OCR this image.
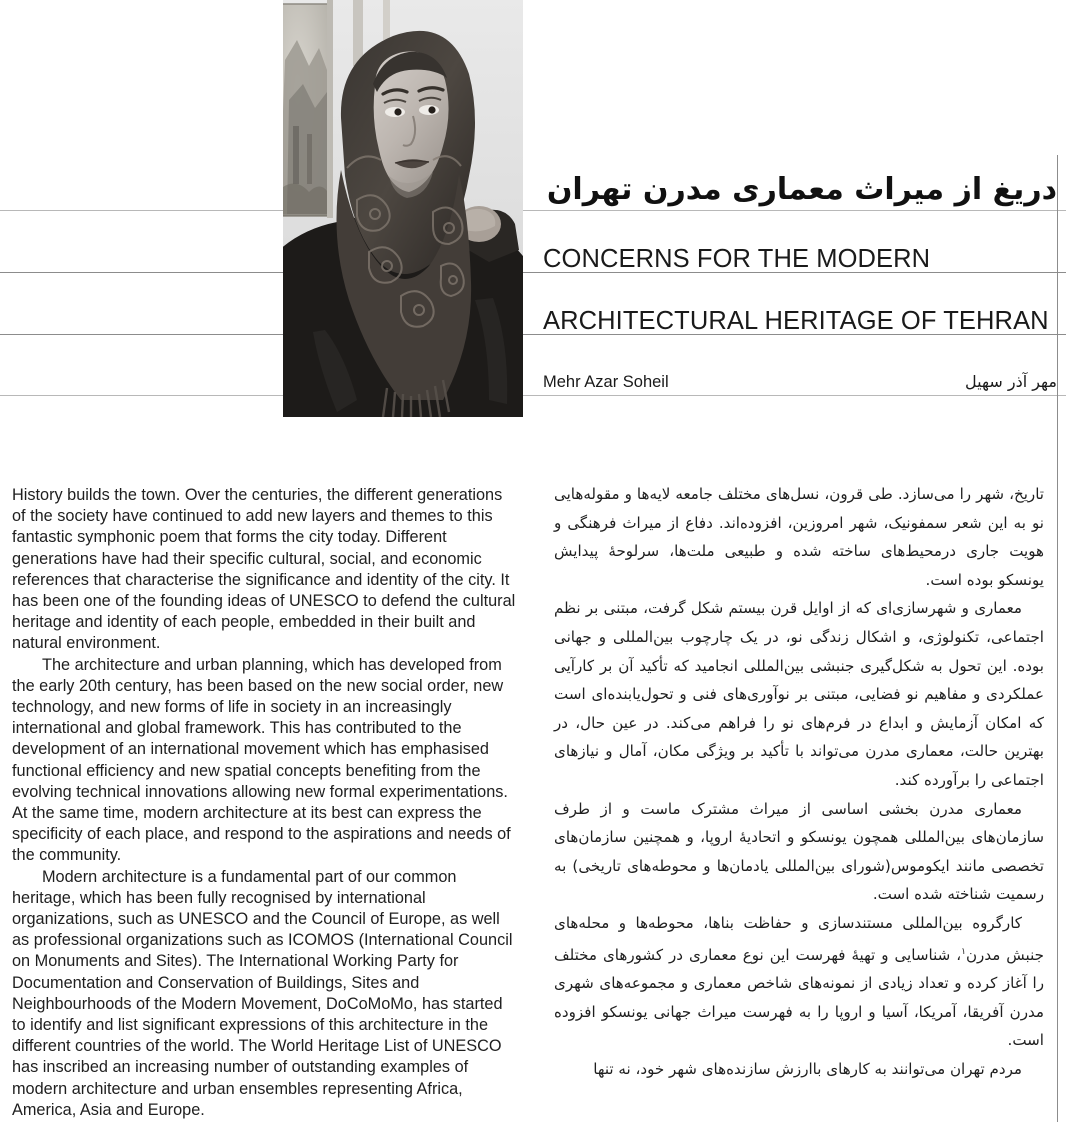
دریغ از میراث معماری مدرن تهران
CONCERNS FOR THE MODERN
ARCHITECTURAL HERITAGE OF TEHRAN
Mehr Azar Soheil	مهر آذر سهیل

History builds the town. Over the centuries, the different generations of the society have continued to add new layers and themes to this fantastic symphonic poem that forms the city today. Different generations have had their specific cultural, social, and economic references that characterise the significance and identity of the city. It has been one of the founding ideas of UNESCO to defend the cultural heritage and identity of each people, embedded in their built and natural environment.

The architecture and urban planning, which has developed from the early 20th century, has been based on the new social order, new technology, and new forms of life in society in an increasingly international and global framework. This has contributed to the development of an international movement which has emphasised functional efficiency and new spatial concepts benefiting from the evolving technical innovations allowing new formal experimentations. At the same time, modern architecture at its best can express the specificity of each place, and respond to the aspirations and needs of the community.

Modern architecture is a fundamental part of our common heritage, which has been fully recognised by international organizations, such as UNESCO and the Council of Europe, as well as professional organizations such as ICOMOS (International Council on Monuments and Sites). The International Working Party for Documentation and Conservation of Buildings, Sites and Neighbourhoods of the Modern Movement, DoCoMoMo, has started to identify and list significant expressions of this architecture in the different countries of the world. The World Heritage List of UNESCO has inscribed an increasing number of outstanding examples of modern architecture and urban ensembles representing Africa, America, Asia and Europe.

تاریخ، شهر را می‌سازد. طی قرون، نسل‌های مختلف جامعه لایه‌ها و مقوله‌هایی نو به این شعر سمفونیک، شهر امروزین، افزوده‌اند. دفاع از میراث فرهنگی و هویت جاری درمحیط‌های ساخته شده و طبیعی ملت‌ها، سرلوحهٔ پیدایش یونسکو بوده است.

معماری و شهرسازی‌ای که از اوایل قرن بیستم شکل گرفت، مبتنی بر نظم اجتماعی، تکنولوژی، و اشکال زندگی نو، در یک چارچوب بین‌المللی و جهانی بوده. این تحول به شکل‌گیری جنبشی بین‌المللی انجامید که تأکید آن بر کارآیی عملکردی و مفاهیم نو فضایی، مبتنی بر نوآوری‌های فنی و تحول‌یابنده‌ای است که امکان آزمایش و ابداع در فرم‌های نو را فراهم می‌کند. در عین حال، در بهترین حالت، معماری مدرن می‌تواند با تأکید بر ویژگی مکان، آمال و نیازهای اجتماعی را برآورده کند.

معماری مدرن بخشی اساسی از میراث مشترک ماست و از طرف سازمان‌های بین‌المللی همچون یونسکو و اتحادیهٔ اروپا، و همچنین سازمان‌های تخصصی مانند ایکوموس(شورای بین‌المللی یادمان‌ها و محوطه‌های تاریخی) به رسمیت شناخته شده است.

کارگروه بین‌المللی مستندسازی و حفاظت بناها، محوطه‌ها و محله‌های جنبش مدرن$^١$، شناسایی و تهیهٔ فهرست این نوع معماری در کشورهای مختلف را آغاز کرده و تعداد زیادی از نمونه‌های شاخص معماری و مجموعه‌های شهری مدرن آفریقا، آمریکا، آسیا و اروپا را به فهرست میراث جهانی یونسکو افزوده است.

مردم تهران می‌توانند به کارهای باارزش سازنده‌های شهر خود، نه تنها
